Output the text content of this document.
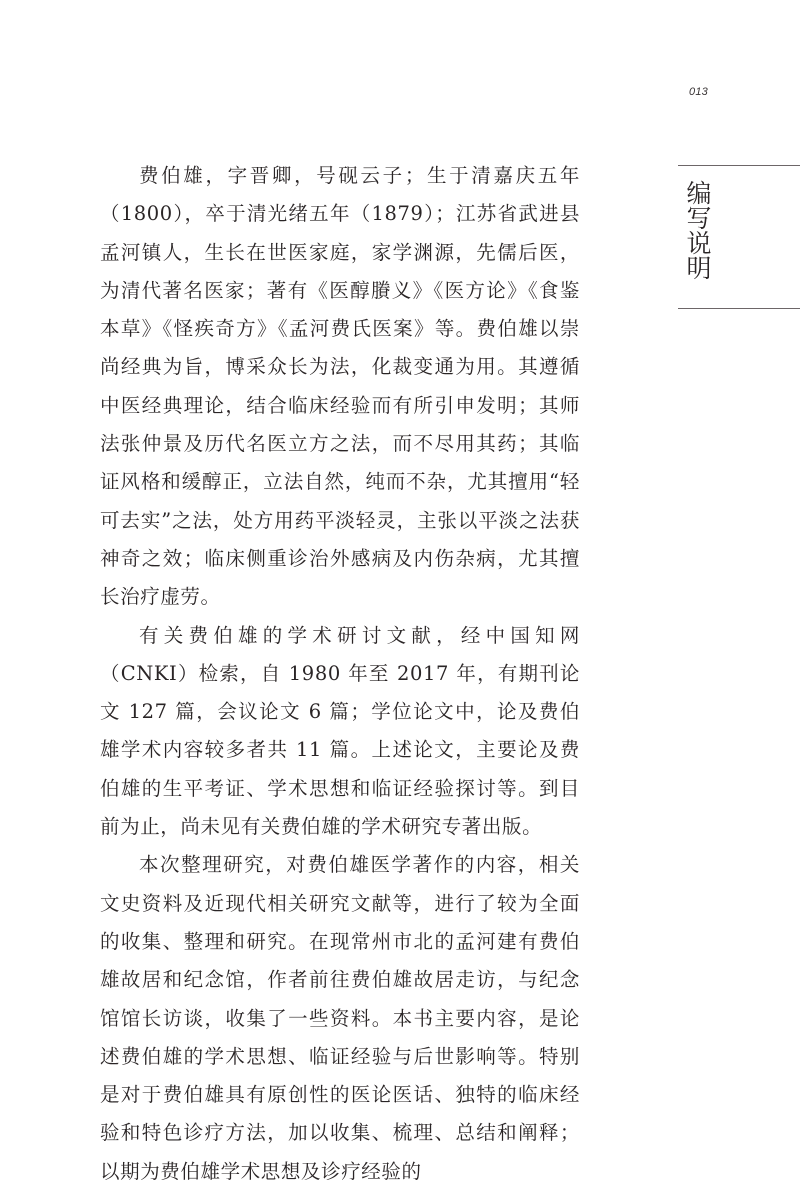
013
编写说明

费伯雄，字晋卿，号砚云子；生于清嘉庆五年（1800），卒于清光绪五年（1879）；江苏省武进县孟河镇人，生长在世医家庭，家学渊源，先儒后医，为清代著名医家；著有《医醇賸义》《医方论》《食鉴本草》《怪疾奇方》《孟河费氏医案》等。费伯雄以崇尚经典为旨，博采众长为法，化裁变通为用。其遵循中医经典理论，结合临床经验而有所引申发明；其师法张仲景及历代名医立方之法，而不尽用其药；其临证风格和缓醇正，立法自然，纯而不杂，尤其擅用“轻可去实”之法，处方用药平淡轻灵，主张以平淡之法获神奇之效；临床侧重诊治外感病及内伤杂病，尤其擅长治疗虚劳。

有关费伯雄的学术研讨文献，经中国知网（CNKI）检索，自 1980 年至 2017 年，有期刊论文 127 篇，会议论文 6 篇；学位论文中，论及费伯雄学术内容较多者共 11 篇。上述论文，主要论及费伯雄的生平考证、学术思想和临证经验探讨等。到目前为止，尚未见有关费伯雄的学术研究专著出版。

本次整理研究，对费伯雄医学著作的内容，相关文史资料及近现代相关研究文献等，进行了较为全面的收集、整理和研究。在现常州市北的孟河建有费伯雄故居和纪念馆，作者前往费伯雄故居走访，与纪念馆馆长访谈，收集了一些资料。本书主要内容，是论述费伯雄的学术思想、临证经验与后世影响等。特别是对于费伯雄具有原创性的医论医话、独特的临床经验和特色诊疗方法，加以收集、梳理、总结和阐释；以期为费伯雄学术思想及诊疗经验的
